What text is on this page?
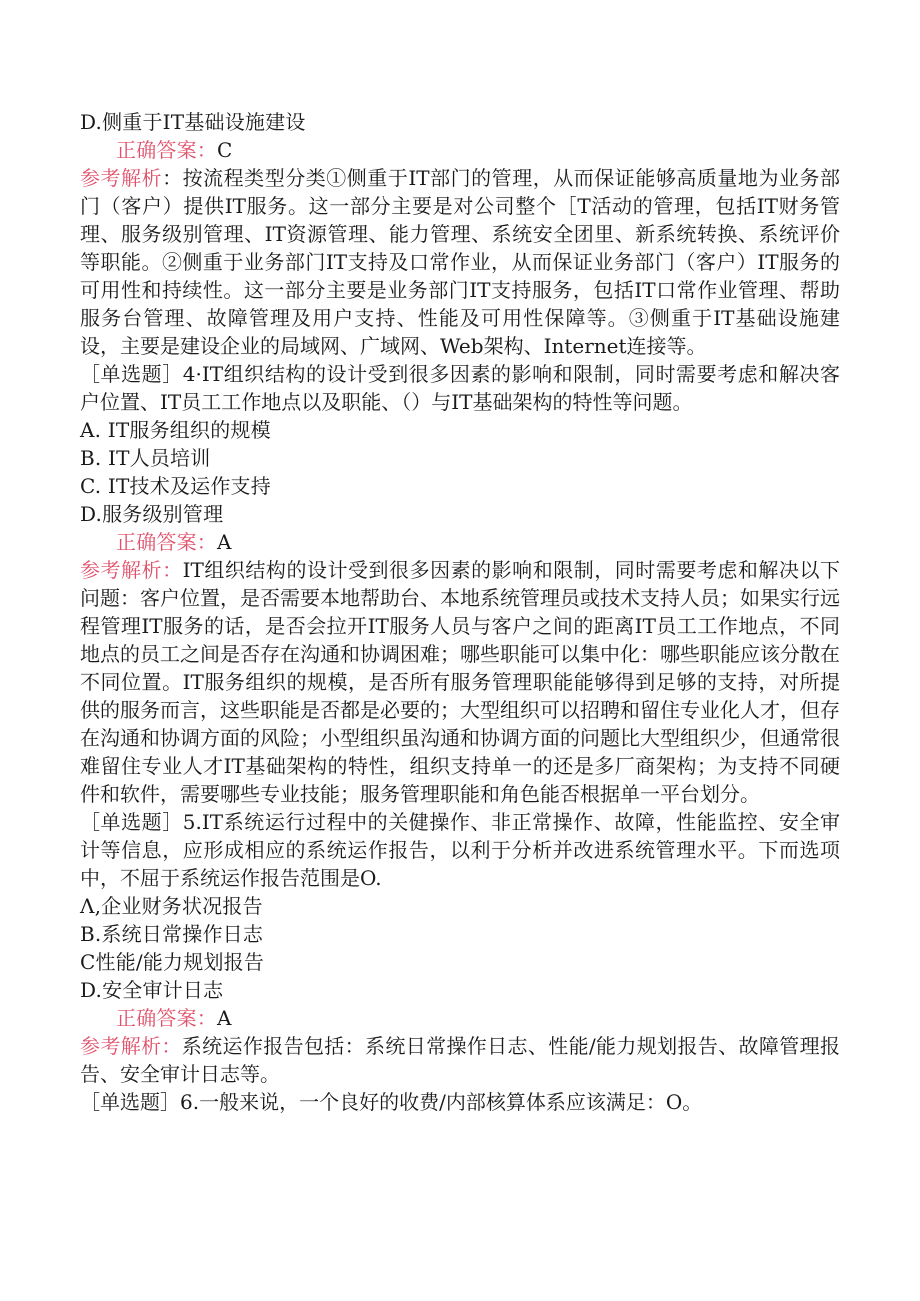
D.侧重于IT基础设施建设
正确答案：C
参考解析：按流程类型分类①侧重于IT部门的管理，从而保证能够高质量地为业务部门（客户）提供IT服务。这一部分主要是对公司整个［T活动的管理，包括IT财务管理、服务级别管理、IT资源管理、能力管理、系统安全团里、新系统转换、系统评价等职能。②侧重于业务部门IT支持及口常作业，从而保证业务部门（客户）IT服务的可用性和持续性。这一部分主要是业务部门IT支持服务，包括IT口常作业管理、帮助服务台管理、故障管理及用户支持、性能及可用性保障等。③侧重于IT基础设施建设，主要是建设企业的局域网、广域网、Web架构、Internet连接等。
［单选题］4·IT组织结构的设计受到很多因素的影响和限制，同时需要考虑和解决客户位置、IT员工工作地点以及职能、（）与IT基础架构的特性等问题。
A. IT服务组织的规模
B. IT人员培训
C. IT技术及运作支持
D.服务级别管理
正确答案：A
参考解析：IT组织结构的设计受到很多因素的影响和限制，同时需要考虑和解决以下问题：客户位置，是否需要本地帮助台、本地系统管理员或技术支持人员；如果实行远程管理IT服务的话，是否会拉开IT服务人员与客户之间的距离IT员工工作地点，不同地点的员工之间是否存在沟通和协调困难；哪些职能可以集中化：哪些职能应该分散在不同位置。IT服务组织的规模，是否所有服务管理职能能够得到足够的支持，对所提供的服务而言，这些职能是否都是必要的；大型组织可以招聘和留住专业化人才，但存在沟通和协调方面的风险；小型组织虽沟通和协调方面的问题比大型组织少，但通常很难留住专业人才IT基础架构的特性，组织支持单一的还是多厂商架构；为支持不同硬件和软件，需要哪些专业技能；服务管理职能和角色能否根据单一平台划分。
［单选题］5.IT系统运行过程中的关健操作、非正常操作、故障，性能监控、安全审计等信息，应形成相应的系统运作报告，以利于分析并改进系统管理水平。下而选项中，不屈于系统运作报告范围是O.
Λ,企业财务状况报告
B.系统日常操作日志
C性能/能力规划报告
D.安全审计日志
正确答案：A
参考解析：系统运作报告包括：系统日常操作日志、性能/能力规划报告、故障管理报告、安全审计日志等。
［单选题］6.一般来说，一个良好的收费/内部核算体系应该满足：O。
